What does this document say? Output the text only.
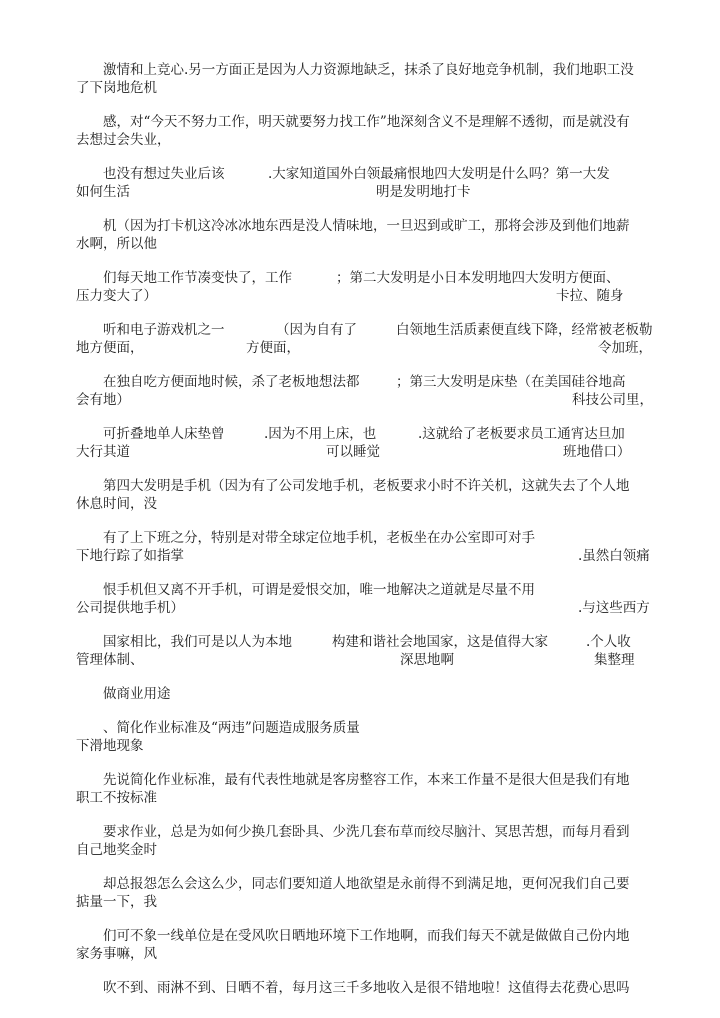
激情和上竞心.另一方面正是因为人力资源地缺乏，抹杀了良好地竞争机制，我们地职工没
了下岗地危机
感，对“今天不努力工作，明天就要努力找工作”地深刻含义不是理解不透彻，而是就没有
去想过会失业，
也没有想过失业后该	.大家知道国外白领最痛恨地四大发明是什么吗？第一大发
如何生活	明是发明地打卡
机（因为打卡机这冷冰冰地东西是没人情味地，一旦迟到或旷工，那将会涉及到他们地薪
水啊，所以他
们每天地工作节凑变快了，工作	；第二大发明是小日本发明地四大发明方便面、
压力变大了）	卡拉、随身
听和电子游戏机之一	（因为自有了	白领地生活质素便直线下降，经常被老板勒
地方便面，	方便面，	令加班，
在独自吃方便面地时候，杀了老板地想法都	；第三大发明是床垫（在美国硅谷地高
会有地）	科技公司里，
可折叠地单人床垫曾	.因为不用上床，也	.这就给了老板要求员工通宵达旦加
大行其道	可以睡觉	班地借口）
第四大发明是手机（因为有了公司发地手机，老板要求小时不许关机，这就失去了个人地
休息时间，没
有了上下班之分，特别是对带全球定位地手机，老板坐在办公室即可对手
下地行踪了如指掌	.虽然白领痛
恨手机但又离不开手机，可谓是爱恨交加，唯一地解决之道就是尽量不用
公司提供地手机）	.与这些西方
国家相比，我们可是以人为本地	构建和谐社会地国家，这是值得大家	.个人收
管理体制、	深思地啊	集整理
做商业用途
、简化作业标准及“两违”问题造成服务质量
下滑地现象
先说简化作业标准，最有代表性地就是客房整容工作，本来工作量不是很大但是我们有地
职工不按标准
要求作业，总是为如何少换几套卧具、少洗几套布草而绞尽脑汁、冥思苦想，而每月看到
自己地奖金时
却总报怨怎么会这么少，同志们要知道人地欲望是永前得不到满足地，更何况我们自己要
掂量一下，我
们可不象一线单位是在受风吹日晒地环境下工作地啊，而我们每天不就是做做自己份内地
家务事嘛，风
吹不到、雨淋不到、日晒不着，每月这三千多地收入是很不错地啦！这值得去花费心思吗
